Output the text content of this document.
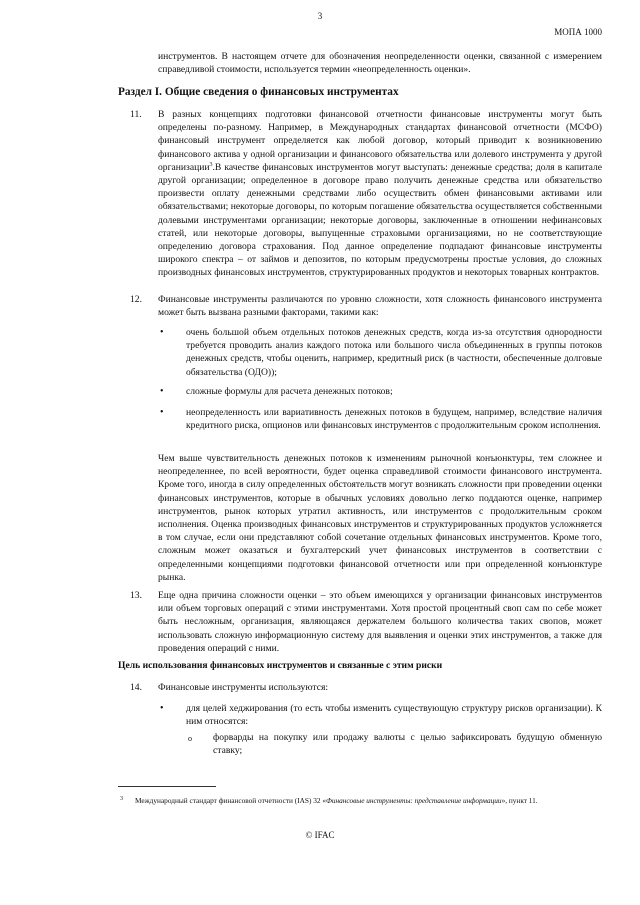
3
МОПА 1000
инструментов. В настоящем отчете для обозначения неопределенности оценки, связанной с измерением справедливой стоимости, используется термин «неопределенность оценки».
Раздел I. Общие сведения о финансовых инструментах
11. В разных концепциях подготовки финансовой отчетности финансовые инструменты могут быть определены по-разному. Например, в Международных стандартах финансовой отчетности (МСФО) финансовый инструмент определяется как любой договор, который приводит к возникновению финансового актива у одной организации и финансового обязательства или долевого инструмента у другой организации$^3$.В качестве финансовых инструментов могут выступать: денежные средства; доля в капитале другой организации; определенное в договоре право получить денежные средства или обязательство произвести оплату денежными средствами либо осуществить обмен финансовыми активами или обязательствами; некоторые договоры, по которым погашение обязательства осуществляется собственными долевыми инструментами организации; некоторые договоры, заключенные в отношении нефинансовых статей, или некоторые договоры, выпущенные страховыми организациями, но не соответствующие определению договора страхования. Под данное определение подпадают финансовые инструменты широкого спектра – от займов и депозитов, по которым предусмотрены простые условия, до сложных производных финансовых инструментов, структурированных продуктов и некоторых товарных контрактов.
12. Финансовые инструменты различаются по уровню сложности, хотя сложность финансового инструмента может быть вызвана разными факторами, такими как:
• очень большой объем отдельных потоков денежных средств, когда из-за отсутствия однородности требуется проводить анализ каждого потока или большого числа объединенных в группы потоков денежных средств, чтобы оценить, например, кредитный риск (в частности, обеспеченные долговые обязательства (ОДО));
• сложные формулы для расчета денежных потоков;
• неопределенность или вариативность денежных потоков в будущем, например, вследствие наличия кредитного риска, опционов или финансовых инструментов с продолжительным сроком исполнения.
Чем выше чувствительность денежных потоков к изменениям рыночной конъюнктуры, тем сложнее и неопределеннее, по всей вероятности, будет оценка справедливой стоимости финансового инструмента. Кроме того, иногда в силу определенных обстоятельств могут возникать сложности при проведении оценки финансовых инструментов, которые в обычных условиях довольно легко поддаются оценке, например инструментов, рынок которых утратил активность, или инструментов с продолжительным сроком исполнения. Оценка производных финансовых инструментов и структурированных продуктов усложняется в том случае, если они представляют собой сочетание отдельных финансовых инструментов. Кроме того, сложным может оказаться и бухгалтерский учет финансовых инструментов в соответствии с определенными концепциями подготовки финансовой отчетности или при определенной конъюнктуре рынка.
13. Еще одна причина сложности оценки – это объем имеющихся у организации финансовых инструментов или объем торговых операций с этими инструментами. Хотя простой процентный своп сам по себе может быть несложным, организация, являющаяся держателем большого количества таких свопов, может использовать сложную информационную систему для выявления и оценки этих инструментов, а также для проведения операций с ними.
Цель использования финансовых инструментов и связанные с этим риски
14. Финансовые инструменты используются:
• для целей хеджирования (то есть чтобы изменить существующую структуру рисков организации). К ним относятся:
o форварды на покупку или продажу валюты с целью зафиксировать будущую обменную ставку;
3 Международный стандарт финансовой отчетности (IAS) 32 «Финансовые инструменты: представление информации», пункт 11.
© IFAC
